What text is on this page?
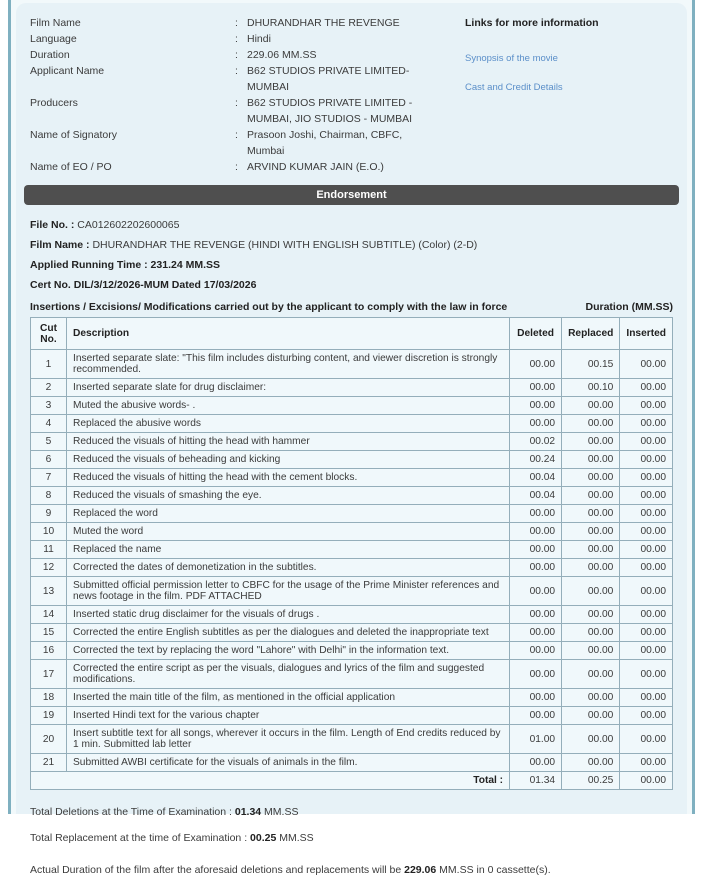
Film Name	: DHURANDHAR THE REVENGE
Language	: Hindi
Duration	: 229.06 MM.SS
Applicant Name	: B62 STUDIOS PRIVATE LIMITED- MUMBAI
Producers	: B62 STUDIOS PRIVATE LIMITED - MUMBAI, JIO STUDIOS - MUMBAI
Name of Signatory	: Prasoon Joshi, Chairman, CBFC, Mumbai
Name of EO / PO	: ARVIND KUMAR JAIN (E.O.)
Links for more information
Synopsis of the movie
Cast and Credit Details
Endorsement
File No. : CA012602202600065
Film Name : DHURANDHAR THE REVENGE (HINDI WITH ENGLISH SUBTITLE) (Color) (2-D)
Applied Running Time : 231.24 MM.SS
Cert No. DIL/3/12/2026-MUM Dated 17/03/2026
Insertions / Excisions/ Modifications carried out by the applicant to comply with the law in force	Duration (MM.SS)
Cut No.	Description	Deleted	Replaced	Inserted
1	Inserted separate slate: "This film includes disturbing content, and viewer discretion is strongly recommended.	00.00	00.15	00.00
2	Inserted separate slate for drug disclaimer:	00.00	00.10	00.00
3	Muted the abusive words- .	00.00	00.00	00.00
4	Replaced the abusive words	00.00	00.00	00.00
5	Reduced the visuals of hitting the head with hammer	00.02	00.00	00.00
6	Reduced the visuals of beheading and kicking	00.24	00.00	00.00
7	Reduced the visuals of hitting the head with the cement blocks.	00.04	00.00	00.00
8	Reduced the visuals of smashing the eye.	00.04	00.00	00.00
9	Replaced the word	00.00	00.00	00.00
10	Muted the word	00.00	00.00	00.00
11	Replaced the name	00.00	00.00	00.00
12	Corrected the dates of demonetization in the subtitles.	00.00	00.00	00.00
13	Submitted official permission letter to CBFC for the usage of the Prime Minister references and news footage in the film. PDF ATTACHED	00.00	00.00	00.00
14	Inserted static drug disclaimer for the visuals of drugs .	00.00	00.00	00.00
15	Corrected the entire English subtitles as per the dialogues and deleted the inappropriate text	00.00	00.00	00.00
16	Corrected the text by replacing the word "Lahore" with Delhi" in the information text.	00.00	00.00	00.00
17	Corrected the entire script as per the visuals, dialogues and lyrics of the film and suggested modifications.	00.00	00.00	00.00
18	Inserted the main title of the film, as mentioned in the official application	00.00	00.00	00.00
19	Inserted Hindi text for the various chapter	00.00	00.00	00.00
20	Insert subtitle text for all songs, wherever it occurs in the film. Length of End credits reduced by 1 min. Submitted lab letter	01.00	00.00	00.00
21	Submitted AWBI certificate for the visuals of animals in the film.	00.00	00.00	00.00
Total :		01.34	00.25	00.00
Total Deletions at the Time of Examination : 01.34 MM.SS
Total Replacement at the time of Examination : 00.25 MM.SS
Actual Duration of the film after the aforesaid deletions and replacements will be 229.06 MM.SS in 0 cassette(s).
